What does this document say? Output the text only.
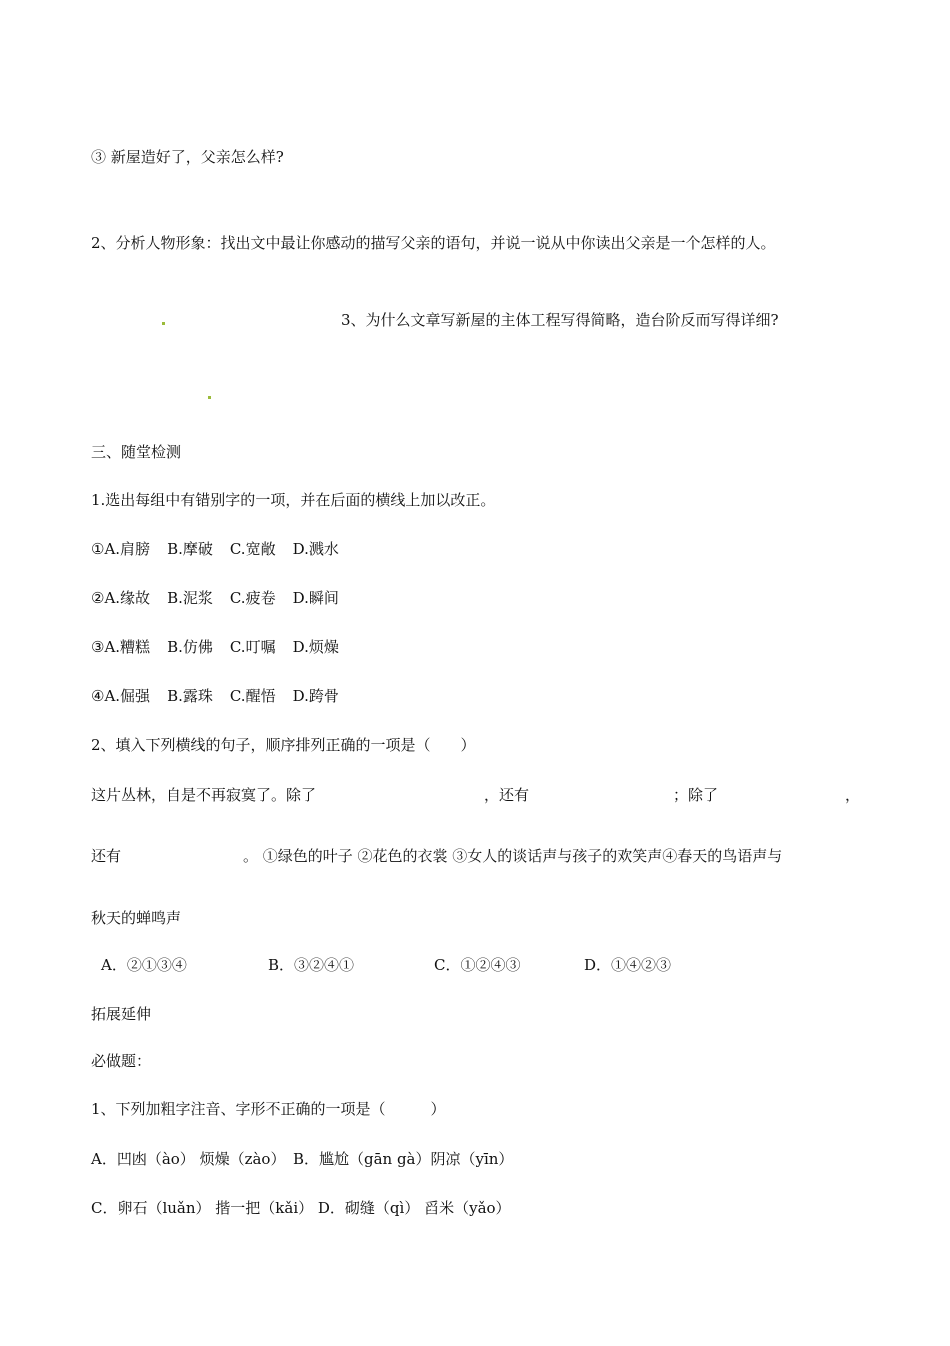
③ 新屋造好了，父亲怎么样?
2、分析人物形象：找出文中最让你感动的描写父亲的语句，并说一说从中你读出父亲是一个怎样的人。
3、为什么文章写新屋的主体工程写得简略，造台阶反而写得详细?
三、随堂检测
1.选出每组中有错别字的一项，并在后面的横线上加以改正。
①A.肩膀 B.摩破 C.宽敞 D.溅水
②A.缘故 B.泥浆 C.疲卷 D.瞬间
③A.糟糕 B.仿佛 C.叮嘱 D.烦燥
④A.倔强 B.露珠 C.醒悟 D.跨骨
2、填入下列横线的句子，顺序排列正确的一项是（　　）
这片丛林，自是不再寂寞了。除了	，还有	；除了	，
还有	。 ①绿色的叶子 ②花色的衣裳 ③女人的谈话声与孩子的欢笑声④春天的鸟语声与
秋天的蝉鸣声
A．②①③④	B．③②④①	C．①②④③	D．①④②③
拓展延伸
必做题：
1、下列加粗字注音、字形不正确的一项是（　　　）
A．凹凼（ào） 烦燥（zào）　B．尴尬（gān gà）阴凉（yīn）
C．卵石（luǎn） 揩一把（kǎi） D．砌缝（qì） 舀米（yǎo）
